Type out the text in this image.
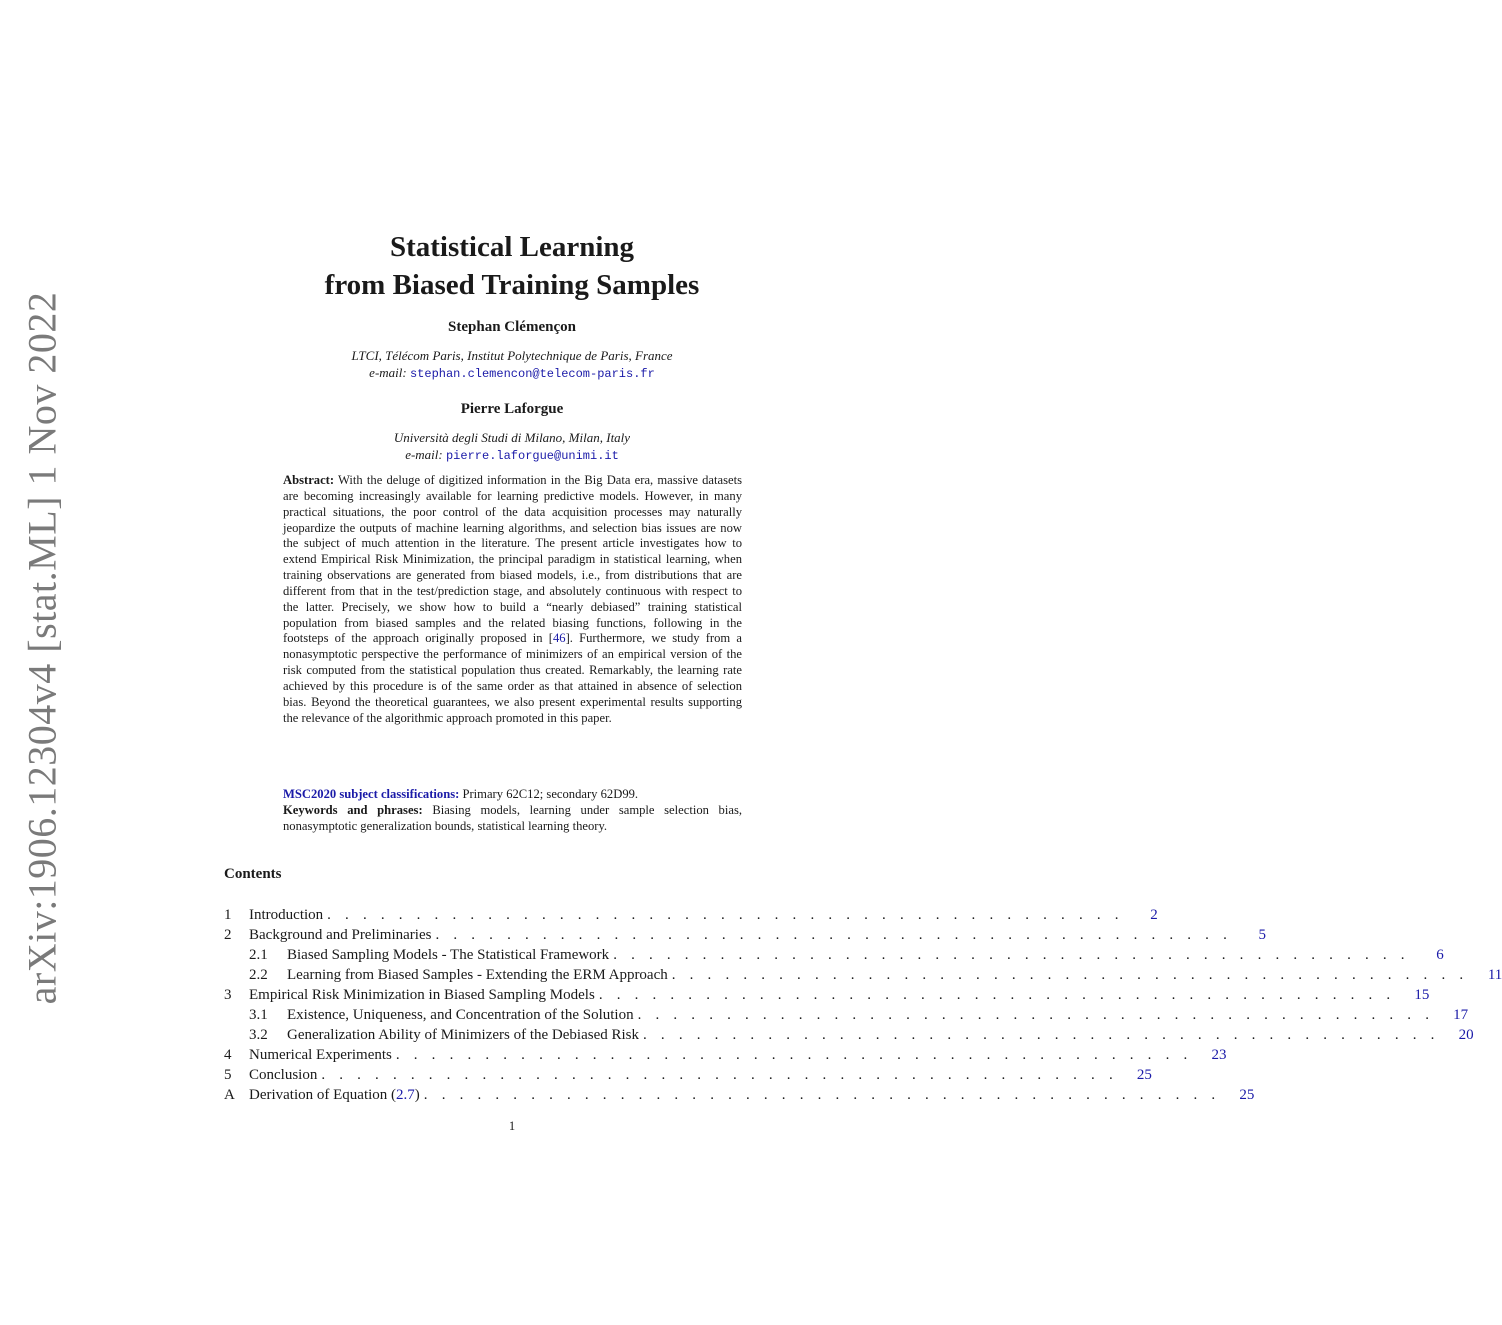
arXiv:1906.12304v4 [stat.ML] 1 Nov 2022
Statistical Learning
from Biased Training Samples
Stephan Clémençon
LTCI, Télécom Paris, Institut Polytechnique de Paris, France
e-mail: stephan.clemencon@telecom-paris.fr
Pierre Laforgue
Università degli Studi di Milano, Milan, Italy
e-mail: pierre.laforgue@unimi.it
Abstract: With the deluge of digitized information in the Big Data era, massive datasets are becoming increasingly available for learning predictive models. However, in many practical situations, the poor control of the data acquisition processes may naturally jeopardize the outputs of machine learning algorithms, and selection bias issues are now the subject of much attention in the literature. The present article investigates how to extend Empirical Risk Minimization, the principal paradigm in statistical learning, when training observations are generated from biased models, i.e., from distributions that are different from that in the test/prediction stage, and absolutely continuous with respect to the latter. Precisely, we show how to build a “nearly debiased” training statistical population from biased samples and the related biasing functions, following in the footsteps of the approach originally proposed in [46]. Furthermore, we study from a nonasymptotic perspective the performance of minimizers of an empirical version of the risk computed from the statistical population thus created. Remarkably, the learning rate achieved by this procedure is of the same order as that attained in absence of selection bias. Beyond the theoretical guarantees, we also present experimental results supporting the relevance of the algorithmic approach promoted in this paper.
MSC2020 subject classifications: Primary 62C12; secondary 62D99.
Keywords and phrases: Biasing models, learning under sample selection bias, nonasymptotic generalization bounds, statistical learning theory.
Contents
1	Introduction . . . . . . . . . . . . . . . . . . . . . . . . . . . . . . . . . . . . . . . . . . . . .	2
2	Background and Preliminaries . . . . . . . . . . . . . . . . . . . . . . . . . . . . . . . . . . . . . . . . . . . . .	5
2.1	Biased Sampling Models - The Statistical Framework . . . . . . . . . . . . . . . . . . . . . . . . . . . . . . . . . . . . . . . . . . . . .	6
2.2	Learning from Biased Samples - Extending the ERM Approach . . . . . . . . . . . . . . . . . . . . . . . . . . . . . . . . . . . . . . . . . . . . .	11
3	Empirical Risk Minimization in Biased Sampling Models . . . . . . . . . . . . . . . . . . . . . . . . . . . . . . . . . . . . . . . . . . . . .	15
3.1	Existence, Uniqueness, and Concentration of the Solution . . . . . . . . . . . . . . . . . . . . . . . . . . . . . . . . . . . . . . . . . . . . .	17
3.2	Generalization Ability of Minimizers of the Debiased Risk . . . . . . . . . . . . . . . . . . . . . . . . . . . . . . . . . . . . . . . . . . . . .	20
4	Numerical Experiments . . . . . . . . . . . . . . . . . . . . . . . . . . . . . . . . . . . . . . . . . . . . .	23
5	Conclusion . . . . . . . . . . . . . . . . . . . . . . . . . . . . . . . . . . . . . . . . . . . . .	25
A Derivation of Equation (2.7) . . . . . . . . . . . . . . . . . . . . . . . . . . . . . . . . . . . . . . . . . . . . .	25
1
